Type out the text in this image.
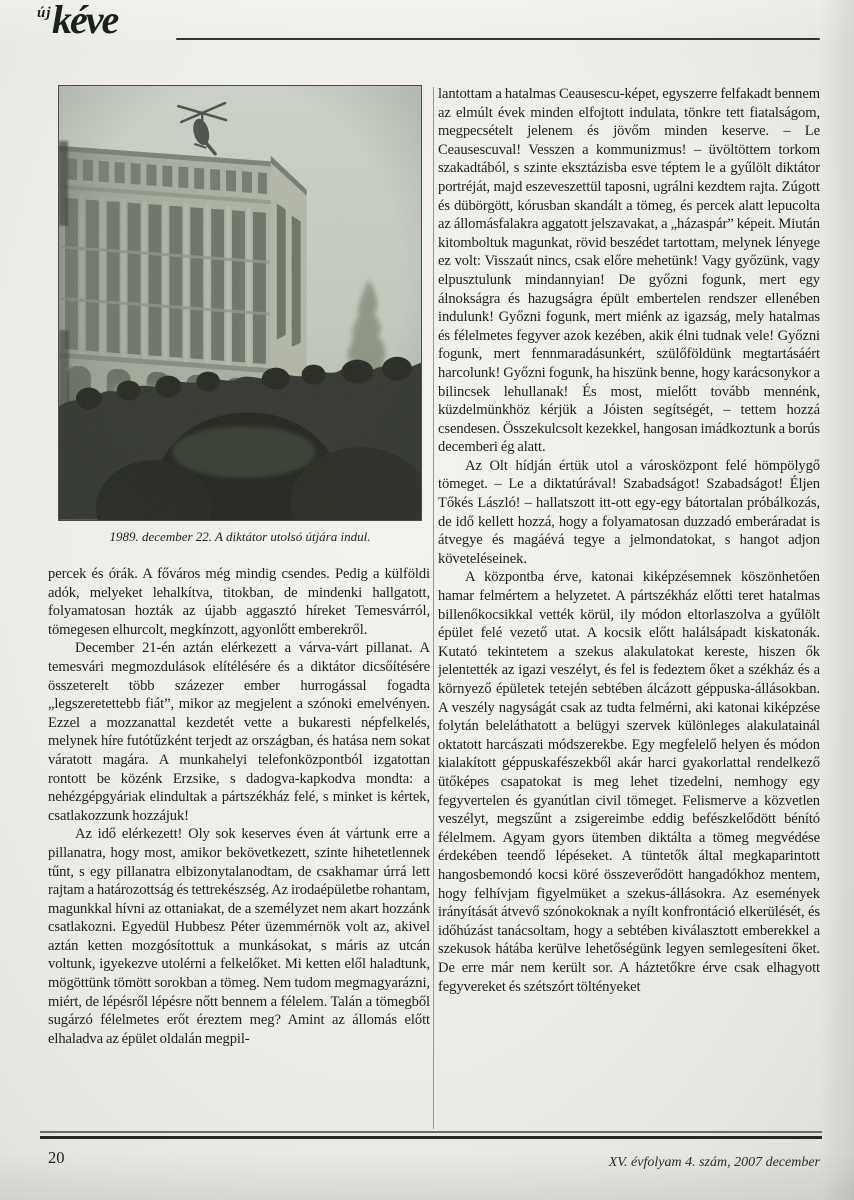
új kéve
1989. december 22. A diktátor utolsó útjára indul.

percek és órák. A főváros még mindig csendes. Pedig a külföldi adók, melyeket lehalkítva, titokban, de mindenki hallgatott, folyamatosan hozták az újabb aggasztó híreket Temesvárról, tömegesen elhurcolt, megkínzott, agyonlőtt emberekről.

December 21-én aztán elérkezett a várva-várt pillanat. A temesvári megmozdulások elítélésére és a diktátor dicsőítésére összeterelt több százezer ember hurrogással fogadta „legszeretettebb fiát”, mikor az megjelent a szónoki emelvényen. Ezzel a mozzanattal kezdetét vette a bukaresti népfelkelés, melynek híre futótűzként terjedt az országban, és hatása nem sokat váratott magára. A munkahelyi telefonközpontból izgatottan rontott be közénk Erzsike, s dadogva-kapkodva mondta: a nehézgépgyáriak elindultak a pártszékház felé, s minket is kértek, csatlakozzunk hozzájuk!

Az idő elérkezett! Oly sok keserves éven át vártunk erre a pillanatra, hogy most, amikor bekövetkezett, szinte hihetetlennek tűnt, s egy pillanatra elbizonytalanodtam, de csakhamar úrrá lett rajtam a határozottság és tettrekészség. Az irodaépületbe rohantam, magunkkal hívni az ottaniakat, de a személyzet nem akart hozzánk csatlakozni. Egyedül Hubbesz Péter üzemmérnök volt az, akivel aztán ketten mozgósítottuk a munkásokat, s máris az utcán voltunk, igyekezve utolérni a felkelőket. Mi ketten elől haladtunk, mögöttünk tömött sorokban a tömeg. Nem tudom megmagyarázni, miért, de lépésről lépésre nőtt bennem a félelem. Talán a tömegből sugárzó félelmetes erőt éreztem meg? Amint az állomás előtt elhaladva az épület oldalán megpil-

lantottam a hatalmas Ceausescu-képet, egyszerre felfakadt bennem az elmúlt évek minden elfojtott indulata, tönkre tett fiatalságom, megpecsételt jelenem és jövőm minden keserve. – Le Ceausescuval! Vesszen a kommunizmus! – üvöltöttem torkom szakadtából, s szinte eksztázisba esve téptem le a gyűlölt diktátor portréját, majd eszeveszettül taposni, ugrálni kezdtem rajta. Zúgott és dübörgött, kórusban skandált a tömeg, és percek alatt lepucolta az állomásfalakra aggatott jelszavakat, a „házaspár” képeit. Miután kitomboltuk magunkat, rövid beszédet tartottam, melynek lényege ez volt: Visszaút nincs, csak előre mehetünk! Vagy győzünk, vagy elpusztulunk mindannyian! De győzni fogunk, mert egy álnokságra és hazugságra épült embertelen rendszer ellenében indulunk! Győzni fogunk, mert miénk az igazság, mely hatalmas és félelmetes fegyver azok kezében, akik élni tudnak vele! Győzni fogunk, mert fennmaradásunkért, szülőföldünk megtartásáért harcolunk! Győzni fogunk, ha hiszünk benne, hogy karácsonykor a bilincsek lehullanak! És most, mielőtt tovább mennénk, küzdelmünkhöz kérjük a Jóisten segítségét, – tettem hozzá csendesen. Összekulcsolt kezekkel, hangosan imádkoztunk a borús decemberi ég alatt.

Az Olt hídján értük utol a városközpont felé hömpölygő tömeget. – Le a diktatúrával! Szabadságot! Szabadságot! Éljen Tőkés László! – hallatszott itt-ott egy-egy bátortalan próbálkozás, de idő kellett hozzá, hogy a folyamatosan duzzadó emberáradat is átvegye és magáévá tegye a jelmondatokat, s hangot adjon követeléseinek.

A központba érve, katonai kiképzésemnek köszönhetően hamar felmértem a helyzetet. A pártszékház előtti teret hatalmas billenőkocsikkal vették körül, ily módon eltorlaszolva a gyűlölt épület felé vezető utat. A kocsik előtt halálsápadt kiskatonák. Kutató tekintetem a szekus alakulatokat kereste, hiszen ők jelentették az igazi veszélyt, és fel is fedeztem őket a székház és a környező épületek tetején sebtében álcázott géppuska-állásokban. A veszély nagyságát csak az tudta felmérni, aki katonai kiképzése folytán beleláthatott a belügyi szervek különleges alakulatainál oktatott harcászati módszerekbe. Egy megfelelő helyen és módon kialakított géppuskafészekből akár harci gyakorlattal rendelkező ütőképes csapatokat is meg lehet tizedelni, nemhogy egy fegyvertelen és gyanútlan civil tömeget. Felismerve a közvetlen veszélyt, megszűnt a zsigereimbe eddig befészkelődött bénító félelmem. Agyam gyors ütemben diktálta a tömeg megvédése érdekében teendő lépéseket. A tüntetők által megkaparintott hangosbemondó kocsi köré összeverődött hangadókhoz mentem, hogy felhívjam figyelmüket a szekus-állásokra. Az események irányítását átvevő szónokoknak a nyílt konfrontáció elkerülését, és időhúzást tanácsoltam, hogy a sebtében kiválasztott emberekkel a szekusok hátába kerülve lehetőségünk legyen semlegesíteni őket. De erre már nem került sor. A háztetőkre érve csak elhagyott fegyvereket és szétszórt töltényeket

20	XV. évfolyam 4. szám, 2007 december
